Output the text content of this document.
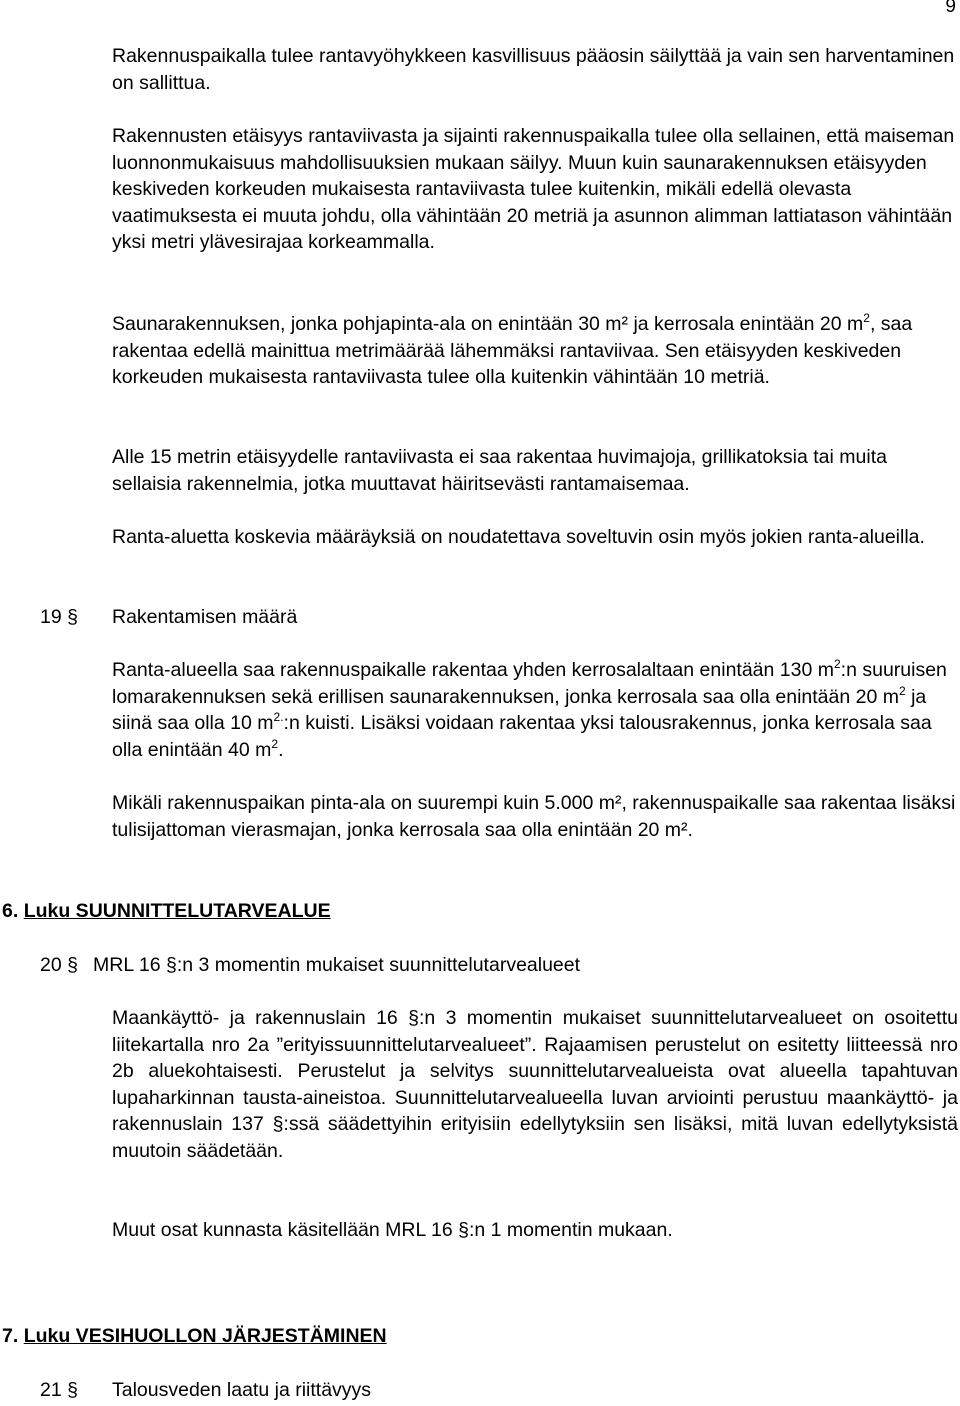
9

Rakennuspaikalla tulee rantavyöhykkeen kasvillisuus pääosin säilyttää ja vain sen harventaminen on sallittua.

Rakennusten etäisyys rantaviivasta ja sijainti rakennuspaikalla tulee olla sellainen, että maiseman luonnonmukaisuus mahdollisuuksien mukaan säilyy. Muun kuin saunarakennuksen etäisyyden keskiveden korkeuden mukaisesta rantaviivasta tulee kuitenkin, mikäli edellä olevasta vaatimuksesta ei muuta johdu, olla vähintään 20 metriä ja asunnon alimman lattiatason vähintään yksi metri ylävesirajaa korkeammalla.

Saunarakennuksen, jonka pohjapinta-ala on enintään 30 m² ja kerrosala enintään 20 $m^2$, saa rakentaa edellä mainittua metrimäärää lähemmäksi rantaviivaa. Sen etäisyyden keskiveden korkeuden mukaisesta rantaviivasta tulee olla kuitenkin vähintään 10 metriä.

Alle 15 metrin etäisyydelle rantaviivasta ei saa rakentaa huvimajoja, grillikatoksia tai muita sellaisia rakennelmia, jotka muuttavat häiritsevästi rantamaisemaa.

Ranta-aluetta koskevia määräyksiä on noudatettava soveltuvin osin myös jokien ranta-alueilla.

19 § Rakentamisen määrä

Ranta-alueella saa rakennuspaikalle rakentaa yhden kerrosalaltaan enintään 130 $m^2:n$ suuruisen lomarakennuksen sekä erillisen saunarakennuksen, jonka kerrosala saa olla enintään 20 $m^2$ ja siinä saa olla 10 $m^{2.}:n$ kuisti. Lisäksi voidaan rakentaa yksi talousrakennus, jonka kerrosala saa olla enintään 40 $m^2$.

Mikäli rakennuspaikan pinta-ala on suurempi kuin 5.000 m², rakennuspaikalle saa rakentaa lisäksi tulisijattoman vierasmajan, jonka kerrosala saa olla enintään 20 m².

6. Luku SUUNNITTELUTARVEALUE
20 § MRL 16 §:n 3 momentin mukaiset suunnittelutarvealueet

Maankäyttö- ja rakennuslain 16 §:n 3 momentin mukaiset suunnittelutarvealueet on osoitettu liitekartalla nro 2a ”erityissuunnittelutarvealueet”. Rajaamisen perustelut on esitetty liitteessä nro 2b aluekohtaisesti. Perustelut ja selvitys suunnittelutarvealueista ovat alueella tapahtuvan lupaharkinnan tausta-aineistoa. Suunnittelutarvealueella luvan arviointi perustuu maankäyttö- ja rakennuslain 137 §:ssä säädettyihin erityisiin edellytyksiin sen lisäksi, mitä luvan edellytyksistä muutoin säädetään.

Muut osat kunnasta käsitellään MRL 16 §:n 1 momentin mukaan.

7. Luku VESIHUOLLON JÄRJESTÄMINEN
21 § Talousveden laatu ja riittävyys
